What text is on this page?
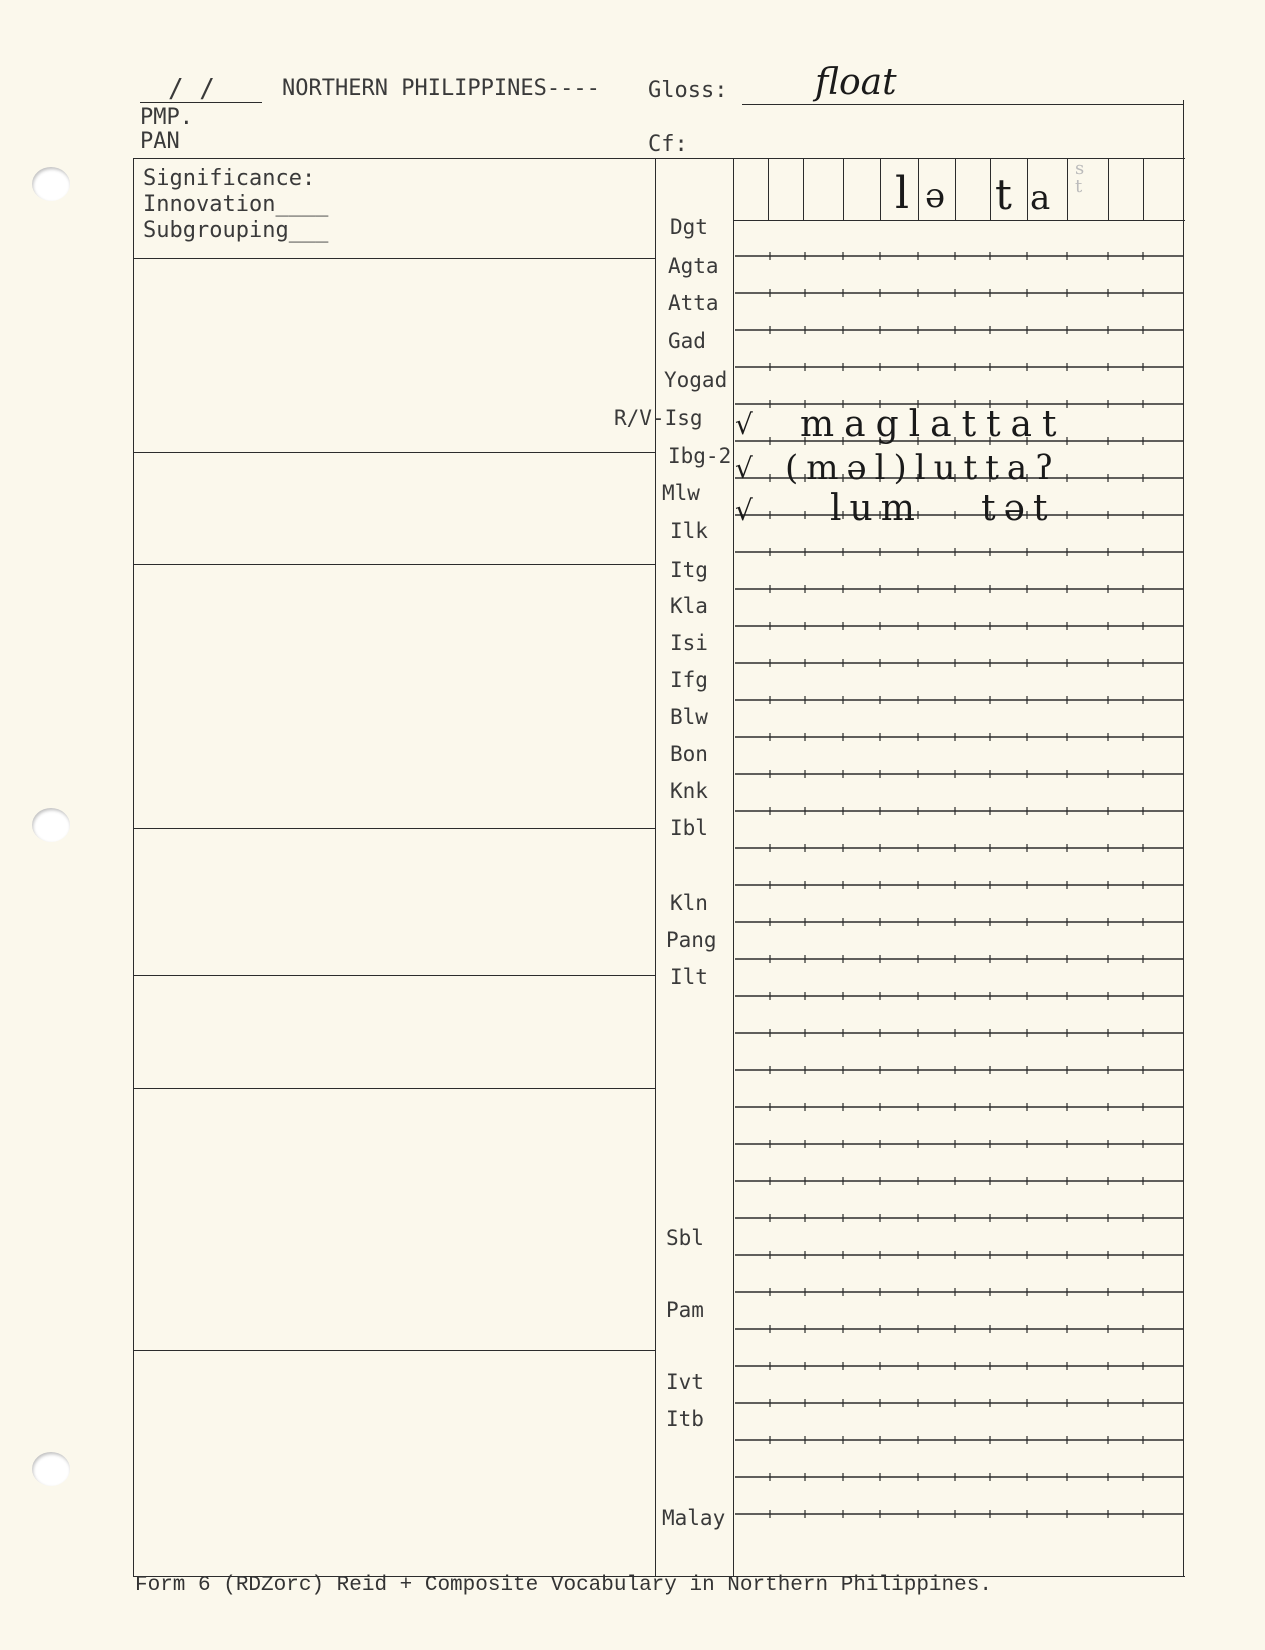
/ /	NORTHERN PHILIPPINES---- Gloss: float
PMP.
PAN	Cf:
Significance:
Innovation____
Subgrouping___
l ə t a
s t
Dgt
Agta
Atta
Gad
Yogad
R/V-Isg
Ibg-2
Mlw
Ilk
Itg
Kla
Isi
Ifg
Blw
Bon
Knk
Ibl
Kln
Pang
Ilt
Sbl
Pam
Ivt
Itb
Malay
√ maglattat
√ (məl)luttaʔ
√ lum   tət
Form 6 (RDZorc) Reid + Composite Vocabulary in Northern Philippines.
